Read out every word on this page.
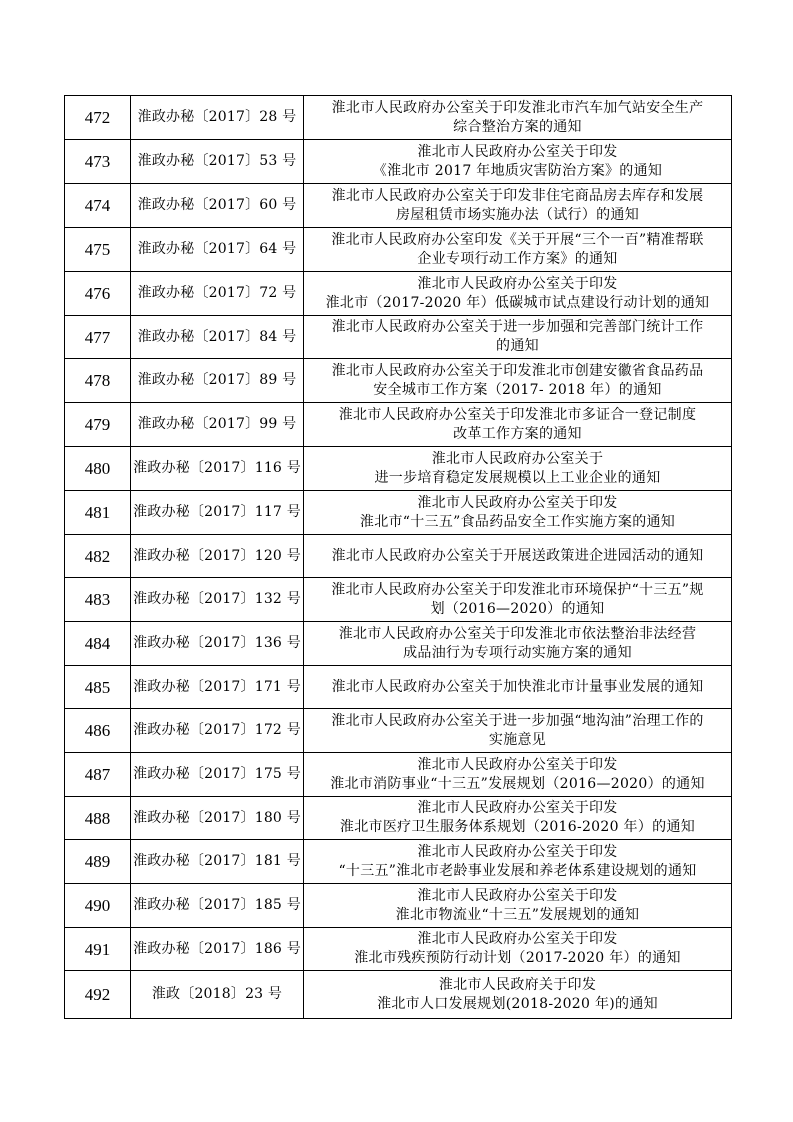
472	淮政办秘〔2017〕28 号	淮北市人民政府办公室关于印发淮北市汽车加气站安全生产
综合整治方案的通知

473	淮政办秘〔2017〕53 号	淮北市人民政府办公室关于印发
《淮北市 2017 年地质灾害防治方案》的通知

474	淮政办秘〔2017〕60 号	淮北市人民政府办公室关于印发非住宅商品房去库存和发展
房屋租赁市场实施办法（试行）的通知

475	淮政办秘〔2017〕64 号	淮北市人民政府办公室印发《关于开展“三个一百”精准帮联
企业专项行动工作方案》的通知

476	淮政办秘〔2017〕72 号	淮北市人民政府办公室关于印发
淮北市（2017-2020 年）低碳城市试点建设行动计划的通知

477	淮政办秘〔2017〕84 号	淮北市人民政府办公室关于进一步加强和完善部门统计工作
的通知

478	淮政办秘〔2017〕89 号	淮北市人民政府办公室关于印发淮北市创建安徽省食品药品
安全城市工作方案（2017- 2018 年）的通知

479	淮政办秘〔2017〕99 号	淮北市人民政府办公室关于印发淮北市多证合一登记制度
改革工作方案的通知

480	淮政办秘〔2017〕116 号	淮北市人民政府办公室关于
进一步培育稳定发展规模以上工业企业的通知

481	淮政办秘〔2017〕117 号	淮北市人民政府办公室关于印发
淮北市“十三五”食品药品安全工作实施方案的通知

482	淮政办秘〔2017〕120 号	淮北市人民政府办公室关于开展送政策进企进园活动的通知

483	淮政办秘〔2017〕132 号	淮北市人民政府办公室关于印发淮北市环境保护“十三五”规
划（2016—2020）的通知

484	淮政办秘〔2017〕136 号	淮北市人民政府办公室关于印发淮北市依法整治非法经营
成品油行为专项行动实施方案的通知

485	淮政办秘〔2017〕171 号	淮北市人民政府办公室关于加快淮北市计量事业发展的通知

486	淮政办秘〔2017〕172 号	淮北市人民政府办公室关于进一步加强“地沟油”治理工作的
实施意见

487	淮政办秘〔2017〕175 号	淮北市人民政府办公室关于印发
淮北市消防事业“十三五”发展规划（2016—2020）的通知

488	淮政办秘〔2017〕180 号	淮北市人民政府办公室关于印发
淮北市医疗卫生服务体系规划（2016-2020 年）的通知

489	淮政办秘〔2017〕181 号	淮北市人民政府办公室关于印发
“十三五”淮北市老龄事业发展和养老体系建设规划的通知

490	淮政办秘〔2017〕185 号	淮北市人民政府办公室关于印发
淮北市物流业“十三五”发展规划的通知

491	淮政办秘〔2017〕186 号	淮北市人民政府办公室关于印发
淮北市残疾预防行动计划（2017-2020 年）的通知

492	淮政〔2018〕23 号	淮北市人民政府关于印发
淮北市人口发展规划(2018-2020 年)的通知
